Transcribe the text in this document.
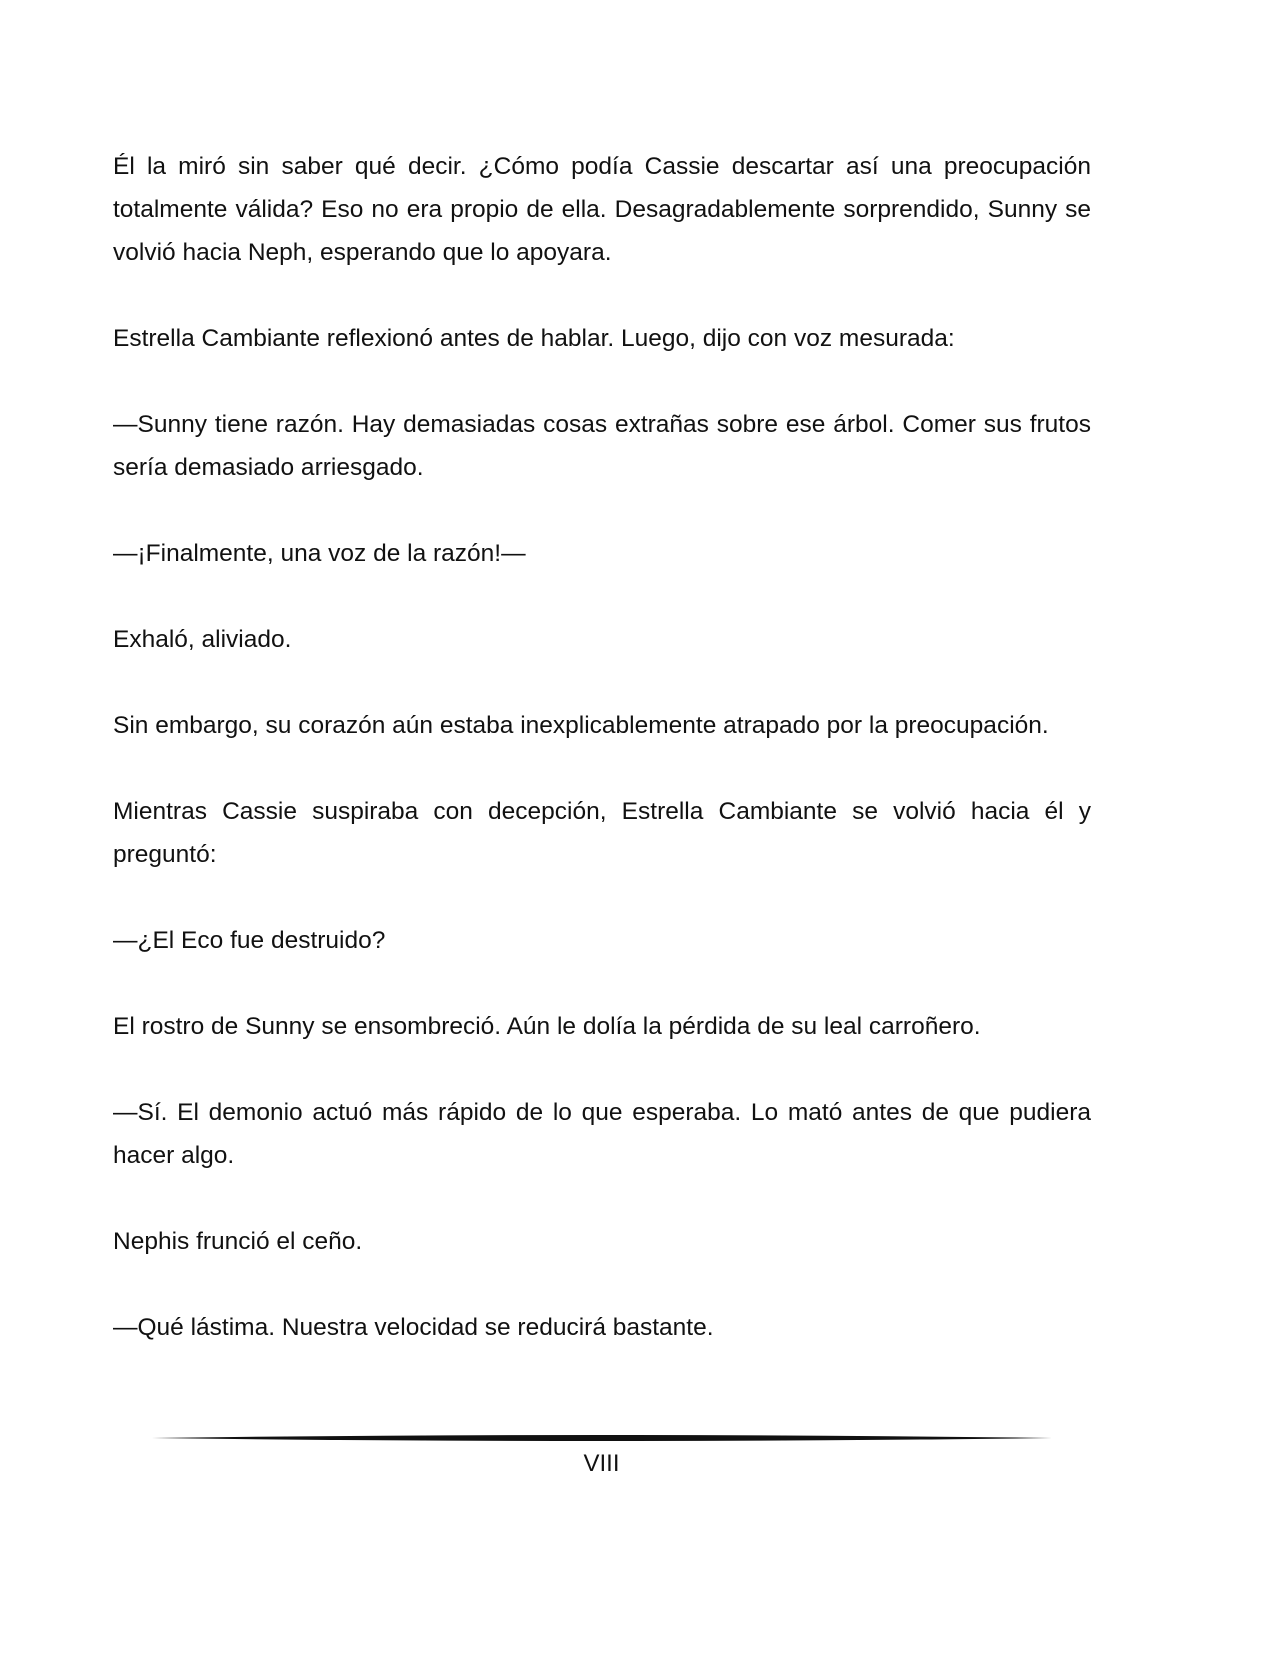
Él la miró sin saber qué decir. ¿Cómo podía Cassie descartar así una preocupación totalmente válida? Eso no era propio de ella. Desagradablemente sorprendido, Sunny se volvió hacia Neph, esperando que lo apoyara.

Estrella Cambiante reflexionó antes de hablar. Luego, dijo con voz mesurada:

—Sunny tiene razón. Hay demasiadas cosas extrañas sobre ese árbol. Comer sus frutos sería demasiado arriesgado.

—¡Finalmente, una voz de la razón!—

Exhaló, aliviado.

Sin embargo, su corazón aún estaba inexplicablemente atrapado por la preocupación.

Mientras Cassie suspiraba con decepción, Estrella Cambiante se volvió hacia él y preguntó:

—¿El Eco fue destruido?

El rostro de Sunny se ensombreció. Aún le dolía la pérdida de su leal carroñero.

—Sí. El demonio actuó más rápido de lo que esperaba. Lo mató antes de que pudiera hacer algo.

Nephis frunció el ceño.

—Qué lástima. Nuestra velocidad se reducirá bastante.

VIII
